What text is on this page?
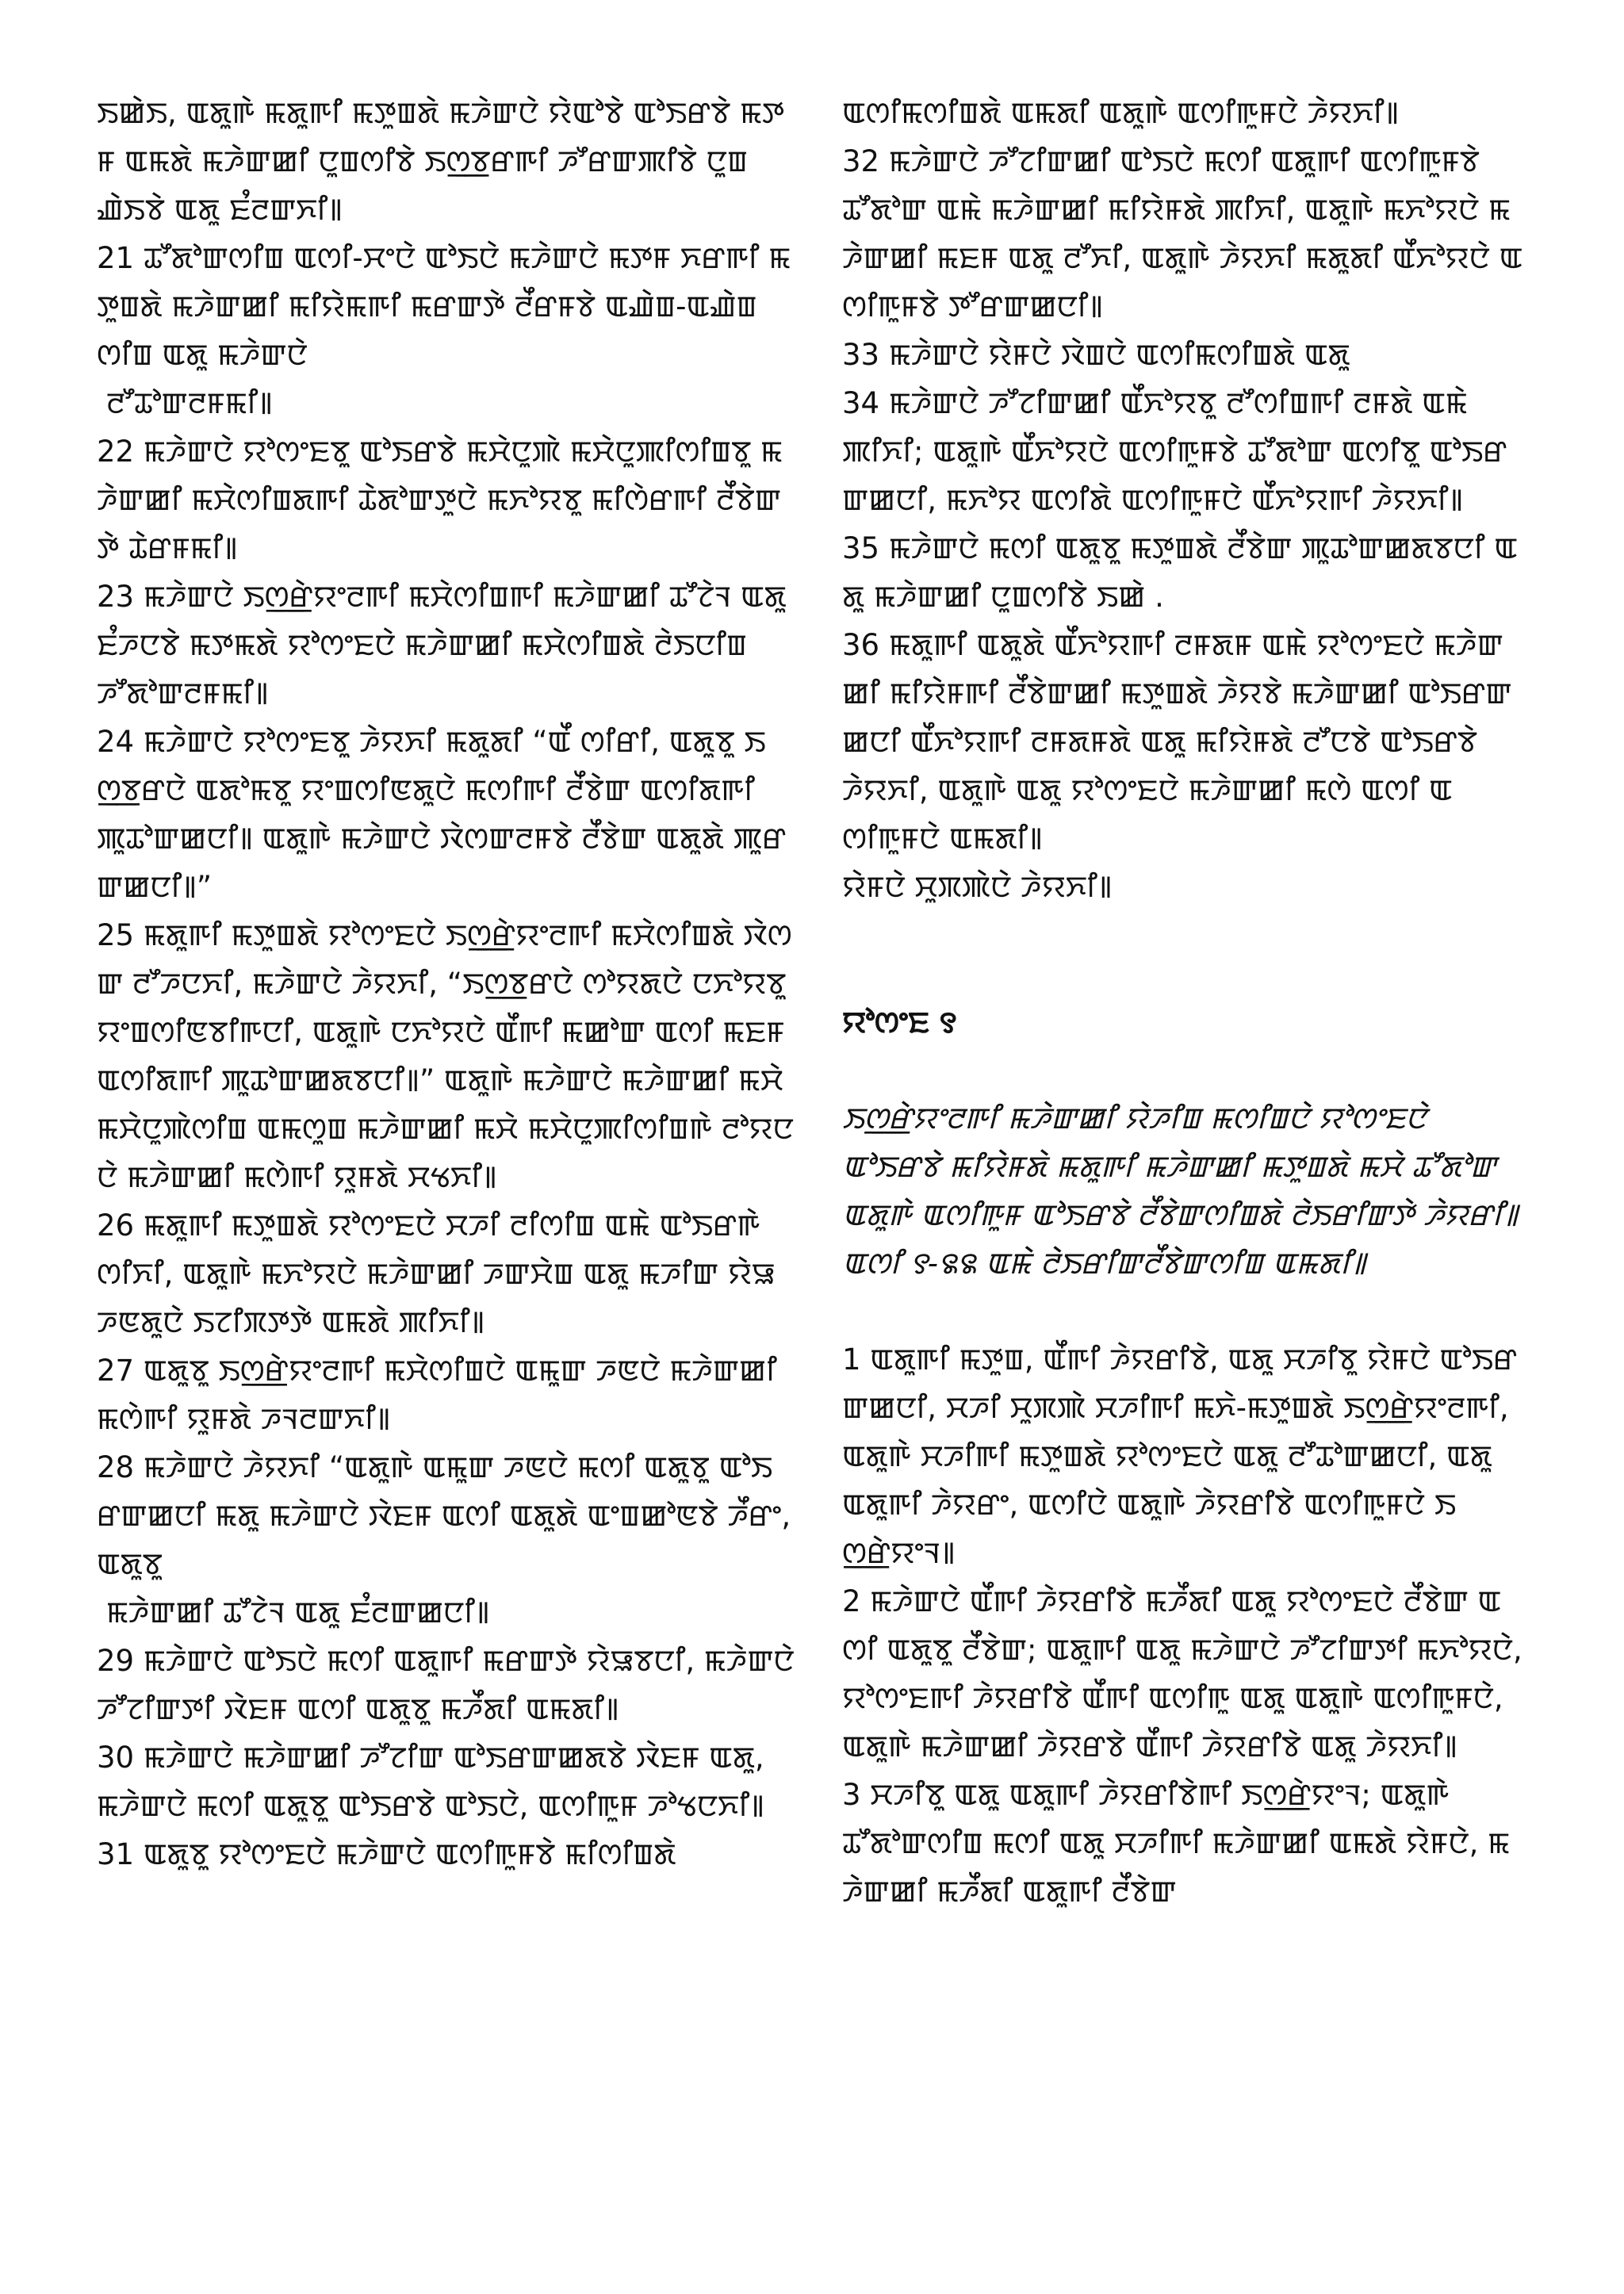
ꯏꯀꯥꯏ, ꯑꯗꯨꯒꯥ ꯃꯗꯨꯒꯤ ꯃꯇꯨꯡꯗꯥ ꯃꯍꯥꯛꯅꯥ ꯌꯥꯑꯣꯕꯥ ꯑꯣꯏꯔꯕꯥ ꯃꯇꯝ ꯑꯃꯗꯥ ꯃꯍꯥꯛꯀꯤ ꯅꯨꯡꯁꯤꯕꯥ ꯏꯁ꯭ꯕꯔꯒꯤ ꯍꯧꯔꯛꯄꯤꯕꯥ ꯅꯨꯡꯉꯥꯏꯕꯥ ꯑꯗꯨ ꯐꯪꯂꯛꯈꯤ꯫

21 ꯊꯧꯗꯣꯛꯁꯤꯡ ꯑꯁꯤ-ꯆꯦꯅꯥ ꯑꯣꯏꯅꯥ ꯃꯍꯥꯛꯅꯥ ꯃꯇꯝ ꯈꯔꯒꯤ ꯃꯇꯨꯡꯗꯥ ꯃꯍꯥꯛꯀꯤ ꯃꯤꯌꯥꯃꯒꯤ ꯃꯔꯛꯇꯥ ꯂꯩꯔꯝꯕꯥ ꯑꯉꯥꯡ-ꯑꯉꯥꯡꯁꯤꯡ ꯑꯗꯨ ꯃꯍꯥꯛꯅꯥ

ꯂꯧꯊꯣꯛꯂꯝꯃꯤ꯫

22 ꯃꯍꯥꯛꯅꯥ ꯌꯣꯁꯦꯐꯕꯨ ꯑꯣꯏꯔꯕꯥ ꯃꯆꯥꯅꯨꯄꯥ ꯃꯆꯥꯅꯨꯄꯤꯁꯤꯡꯕꯨ ꯃꯍꯥꯛꯀꯤ ꯃꯆꯥꯁꯤꯡꯗꯒꯤ ꯊꯥꯗꯣꯛꯇꯨꯅꯥ ꯃꯈꯣꯌꯕꯨ ꯃꯤꯁꯥꯔꯒꯤ ꯂꯩꯕꯥꯛꯇꯥ ꯊꯥꯔꯝꯃꯤ꯫

23 ꯃꯍꯥꯛꯅꯥ ꯏꯁ꯭ꯔꯥꯌꯦꯂꯒꯤ ꯃꯆꯥꯁꯤꯡꯒꯤ ꯃꯍꯥꯛꯀꯤ ꯊꯧꯖꯥꯜ ꯑꯗꯨ ꯐꯪꯍꯅꯕꯥ ꯃꯇꯃꯗꯥ ꯌꯣꯁꯦꯐꯅꯥ ꯃꯍꯥꯛꯀꯤ ꯃꯆꯥꯁꯤꯡꯗꯥ ꯂꯥꯏꯅꯤꯡ ꯍꯧꯗꯣꯛꯂꯝꯃꯤ꯫

24 ꯃꯍꯥꯛꯅꯥ ꯌꯣꯁꯦꯐꯕꯨ ꯍꯥꯌꯈꯤ ꯃꯗꯨꯗꯤ “ꯑꯩ ꯁꯤꯔꯤ, ꯑꯗꯨꯕꯨ ꯏꯁ꯭ꯕꯔꯅꯥ ꯑꯗꯣꯃꯕꯨ ꯌꯦꯡꯁꯤꯟꯗꯨꯅꯥ ꯃꯁꯤꯒꯤ ꯂꯩꯕꯥꯛ ꯑꯁꯤꯗꯒꯤ ꯄꯨꯊꯣꯛꯀꯅꯤ꯫ ꯑꯗꯨꯒꯥ ꯃꯍꯥꯛꯅꯥ ꯋꯥꯁꯛꯂꯝꯕꯥ ꯂꯩꯕꯥꯛ ꯑꯗꯨꯗꯥ ꯄꯨꯔꯛꯀꯅꯤ꯫”

25 ꯃꯗꯨꯒꯤ ꯃꯇꯨꯡꯗꯥ ꯌꯣꯁꯦꯐꯅꯥ ꯏꯁ꯭ꯔꯥꯌꯦꯂꯒꯤ ꯃꯆꯥꯁꯤꯡꯗꯥ ꯋꯥꯁꯛ ꯂꯧꯍꯅꯈꯤ, ꯃꯍꯥꯛꯅꯥ ꯍꯥꯌꯈꯤ, “ꯏꯁ꯭ꯕꯔꯅꯥ ꯁꯣꯌꯗꯅꯥ ꯅꯈꯣꯌꯕꯨ ꯌꯦꯡꯁꯤꯟꯕꯤꯒꯅꯤ, ꯑꯗꯨꯒꯥ ꯅꯈꯣꯌꯅꯥ ꯑꯩꯒꯤ ꯃꯀꯣꯛ ꯑꯁꯤ ꯃꯐꯝ ꯑꯁꯤꯗꯒꯤ ꯄꯨꯊꯣꯛꯀꯗꯕꯅꯤ꯫” ꯑꯗꯨꯒꯥ ꯃꯍꯥꯛꯅꯥ ꯃꯍꯥꯛꯀꯤ ꯃꯆꯥ ꯃꯆꯥꯅꯨꯄꯥꯁꯤꯡ ꯑꯃꯁꯨꯡ ꯃꯍꯥꯛꯀꯤ ꯃꯆꯥ ꯃꯆꯥꯅꯨꯄꯤꯁꯤꯡꯒꯥ ꯂꯣꯌꯅꯅꯥ ꯃꯍꯥꯛꯀꯤ ꯃꯁꯥꯒꯤ ꯌꯨꯝꯗꯥ ꯆꯠꯈꯤ꯫

26 ꯃꯗꯨꯒꯤ ꯃꯇꯨꯡꯗꯥ ꯌꯣꯁꯦꯐꯅꯥ ꯆꯍꯤ ꯂꯤꯁꯤꯡ ꯑꯃꯥ ꯑꯣꯏꯔꯒꯥ ꯁꯤꯈꯤ, ꯑꯗꯨꯒꯥ ꯃꯈꯣꯌꯅꯥ ꯃꯍꯥꯛꯀꯤ ꯍꯛꯆꯥꯡ ꯑꯗꯨ ꯃꯍꯤꯛ ꯌꯥꯎꯍꯟꯗꯨꯅꯥ ꯏꯖꯤꯞꯇꯇꯥ ꯑꯃꯗꯥ ꯄꯤꯈꯤ꯫

27 ꯑꯗꯨꯕꯨ ꯏꯁ꯭ꯔꯥꯌꯦꯂꯒꯤ ꯃꯆꯥꯁꯤꯡꯅꯥ ꯑꯃꯨꯛ ꯍꯟꯅꯥ ꯃꯍꯥꯛꯀꯤ ꯃꯁꯥꯒꯤ ꯌꯨꯝꯗꯥ ꯍꯜꯂꯛꯈꯤ꯫

28 ꯃꯍꯥꯛꯅꯥ ꯍꯥꯌꯈꯤ “ꯑꯗꯨꯒꯥ ꯑꯃꯨꯛ ꯍꯟꯅꯥ ꯃꯁꯤ ꯑꯗꯨꯕꯨ ꯑꯣꯏꯔꯛꯀꯅꯤ ꯃꯗꯨ ꯃꯍꯥꯛꯅꯥ ꯋꯥꯐꯝ ꯑꯁꯤ ꯑꯗꯨꯗꯥ ꯑꯦꯡꯀꯣꯟꯕꯥ ꯍꯩꯔꯦ, ꯑꯗꯨꯕꯨ

ꯃꯍꯥꯛꯀꯤ ꯊꯧꯖꯥꯜ ꯑꯗꯨ ꯐꯪꯂꯛꯀꯅꯤ꯫

29 ꯃꯍꯥꯛꯅꯥ ꯑꯣꯏꯅꯥ ꯃꯁꯤ ꯑꯗꯨꯒꯤ ꯃꯔꯛꯇꯥ ꯌꯥꯎꯕꯅꯤ, ꯃꯍꯥꯛꯅꯥ ꯍꯧꯖꯤꯛꯇꯤ ꯋꯥꯐꯝ ꯑꯁꯤ ꯑꯗꯨꯕꯨ ꯃꯍꯩꯗꯤ ꯑꯃꯗꯤ꯫

30 ꯃꯍꯥꯛꯅꯥ ꯃꯍꯥꯛꯀꯤ ꯍꯧꯖꯤꯛ ꯑꯣꯏꯔꯛꯀꯗꯕꯥ ꯋꯥꯐꯝ ꯑꯗꯨ, ꯃꯍꯥꯛꯅꯥ ꯃꯁꯤ ꯑꯗꯨꯕꯨ ꯑꯣꯏꯔꯕꯥ ꯑꯣꯏꯅꯥ, ꯑꯁꯤꯒꯨꯝ ꯍꯣꯠꯅꯈꯤ꯫

31 ꯑꯗꯨꯕꯨ ꯌꯣꯁꯦꯐꯅꯥ ꯃꯍꯥꯛꯅꯥ ꯑꯁꯤꯒꯨꯝꯕꯥ ꯃꯤꯁꯤꯡꯗꯥ

ꯑꯁꯤꯃꯁꯤꯡꯗꯥ ꯑꯃꯗꯤ ꯑꯗꯨꯒꯥ ꯑꯁꯤꯒꯨꯝꯅꯥ ꯍꯥꯌꯈꯤ꯫

32 ꯃꯍꯥꯛꯅꯥ ꯍꯧꯖꯤꯛꯀꯤ ꯑꯣꯏꯅꯥ ꯃꯁꯤ ꯑꯗꯨꯒꯤ ꯑꯁꯤꯒꯨꯝꯕꯥ ꯊꯧꯗꯣꯛ ꯑꯃꯥ ꯃꯍꯥꯛꯀꯤ ꯃꯤꯌꯥꯝꯗꯥ ꯄꯤꯈꯤ, ꯑꯗꯨꯒꯥ ꯃꯈꯣꯌꯅꯥ ꯃꯍꯥꯛꯀꯤ ꯃꯐꯝ ꯑꯗꯨ ꯂꯧꯈꯤ, ꯑꯗꯨꯒꯥ ꯍꯥꯌꯈꯤ ꯃꯗꯨꯗꯤ ꯑꯩꯈꯣꯌꯅꯥ ꯑꯁꯤꯒꯨꯝꯕꯥ ꯇꯧꯔꯛꯀꯅꯤ꯫

33 ꯃꯍꯥꯛꯅꯥ ꯌꯥꯝꯅꯥ ꯋꯥꯡꯅꯥ ꯑꯁꯤꯃꯁꯤꯡꯗꯥ ꯑꯗꯨ

34 ꯃꯍꯥꯛꯅꯥ ꯍꯧꯖꯤꯛꯀꯤ ꯑꯩꯈꯣꯌꯕꯨ ꯂꯧꯁꯤꯡꯒꯤ ꯂꯝꯗꯥ ꯑꯃꯥ ꯄꯤꯈꯤ; ꯑꯗꯨꯒꯥ ꯑꯩꯈꯣꯌꯅꯥ ꯑꯁꯤꯒꯨꯝꯕꯥ ꯊꯧꯗꯣꯛ ꯑꯁꯤꯕꯨ ꯑꯣꯏꯔꯛꯀꯅꯤ, ꯃꯈꯣꯌ ꯑꯁꯤꯗꯥ ꯑꯁꯤꯒꯨꯝꯅꯥ ꯑꯩꯈꯣꯌꯒꯤ ꯍꯥꯌꯈꯤ꯫

35 ꯃꯍꯥꯛꯅꯥ ꯃꯁꯤ ꯑꯗꯨꯕꯨ ꯃꯇꯨꯡꯗꯥ ꯂꯩꯕꯥꯛ ꯄꯨꯊꯣꯛꯀꯗꯕꯅꯤ ꯑꯗꯨ ꯃꯍꯥꯛꯀꯤ ꯅꯨꯡꯁꯤꯕꯥ ꯏꯀꯥ .

36 ꯃꯗꯨꯒꯤ ꯑꯗꯨꯗꯥ ꯑꯩꯈꯣꯌꯒꯤ ꯂꯝꯗꯝ ꯑꯃꯥ ꯌꯣꯁꯦꯐꯅꯥ ꯃꯍꯥꯛꯀꯤ ꯃꯤꯌꯥꯝꯒꯤ ꯂꯩꯕꯥꯛꯀꯤ ꯃꯇꯨꯡꯗꯥ ꯍꯥꯌꯕꯥ ꯃꯍꯥꯛꯀꯤ ꯑꯣꯏꯔꯛꯀꯅꯤ ꯑꯩꯈꯣꯌꯒꯤ ꯂꯝꯗꯝꯗꯥ ꯑꯗꯨ ꯃꯤꯌꯥꯝꯗꯥ ꯂꯧꯅꯕꯥ ꯑꯣꯏꯔꯕꯥ ꯍꯥꯌꯈꯤ, ꯑꯗꯨꯒꯥ ꯑꯗꯨ ꯌꯣꯁꯦꯐꯅꯥ ꯃꯍꯥꯛꯀꯤ ꯃꯁꯥ ꯑꯁꯤ ꯑꯁꯤꯒꯨꯝꯅꯥ ꯑꯃꯗꯤ꯫

ꯌꯥꯝꯅꯥ ꯆꯨꯞꯄꯥꯅꯥ ꯍꯥꯌꯈꯤ꯫

ꯌꯣꯁꯦꯐ ꯱

ꯏꯁ꯭ꯔꯥꯌꯦꯂꯒꯤ ꯃꯍꯥꯛꯀꯤ ꯌꯥꯍꯤꯡ ꯃꯁꯤꯡꯅꯥ ꯌꯣꯁꯦꯐꯅꯥ ꯑꯣꯏꯔꯕꯥ ꯃꯤꯌꯥꯝꯗꯥ ꯃꯗꯨꯒꯤ ꯃꯍꯥꯛꯀꯤ ꯃꯇꯨꯡꯗꯥ ꯃꯆꯥ ꯊꯧꯗꯣꯛ ꯑꯗꯨꯒꯥ ꯑꯁꯤꯒꯨꯝ ꯑꯣꯏꯔꯕꯥ ꯂꯩꯕꯥꯛꯁꯤꯡꯗꯥ ꯂꯥꯏꯔꯤꯛꯇꯥ ꯍꯥꯌꯔꯤ꯫ ꯑꯁꯤ ꯱-꯲꯲ ꯑꯃꯥ ꯂꯥꯏꯔꯤꯛꯂꯩꯕꯥꯛꯁꯤꯡ ꯑꯃꯗꯤ꯫

1 ꯑꯗꯨꯒꯤ ꯃꯇꯨꯡ, ꯑꯩꯒꯤ ꯍꯥꯌꯔꯤꯕꯥ, ꯑꯗꯨ ꯆꯍꯤꯕꯨ ꯌꯥꯝꯅꯥ ꯑꯣꯏꯔꯛꯀꯅꯤ, ꯆꯍꯤ ꯆꯨꯞꯄꯥ ꯆꯍꯤꯒꯤ ꯃꯈꯥ-ꯃꯇꯨꯡꯗꯥ ꯏꯁ꯭ꯔꯥꯌꯦꯂꯒꯤ, ꯑꯗꯨꯒꯥ ꯆꯍꯤꯒꯤ ꯃꯇꯨꯡꯗꯥ ꯌꯣꯁꯦꯐꯅꯥ ꯑꯗꯨ ꯂꯧꯊꯣꯛꯀꯅꯤ, ꯑꯗꯨ ꯑꯗꯨꯒꯤ ꯍꯥꯌꯔꯦ, ꯑꯁꯤꯅꯥ ꯑꯗꯨꯒꯥ ꯍꯥꯌꯔꯤꯕꯥ ꯑꯁꯤꯒꯨꯝꯅꯥ ꯏꯁ꯭ꯔꯥꯌꯦꯜ꯫

2 ꯃꯍꯥꯛꯅꯥ ꯑꯩꯒꯤ ꯍꯥꯌꯔꯤꯕꯥ ꯃꯍꯩꯗꯤ ꯑꯗꯨ ꯌꯣꯁꯦꯐꯅꯥ ꯂꯩꯕꯥꯛ ꯑꯁꯤ ꯑꯗꯨꯕꯨ ꯂꯩꯕꯥꯛ; ꯑꯗꯨꯒꯤ ꯑꯗꯨ ꯃꯍꯥꯛꯅꯥ ꯍꯧꯖꯤꯛꯇꯤ ꯃꯈꯣꯌꯅꯥ, ꯌꯣꯁꯦꯐꯒꯤ ꯍꯥꯌꯔꯤꯕꯥ ꯑꯩꯒꯤ ꯑꯁꯤꯒꯨ ꯑꯗꯨ ꯑꯗꯨꯒꯥ ꯑꯁꯤꯒꯨꯝꯅꯥ, ꯑꯗꯨꯒꯥ ꯃꯍꯥꯛꯀꯤ ꯍꯥꯌꯔꯕꯥ ꯑꯩꯒꯤ ꯍꯥꯌꯔꯤꯕꯥ ꯑꯗꯨ ꯍꯥꯌꯈꯤ꯫

3 ꯆꯍꯤꯕꯨ ꯑꯗꯨ ꯑꯗꯨꯒꯤ ꯍꯥꯌꯔꯤꯕꯥꯒꯤ ꯏꯁ꯭ꯔꯥꯌꯦꯜ; ꯑꯗꯨꯒꯥ ꯊꯧꯗꯣꯛꯁꯤꯡ ꯃꯁꯤ ꯑꯗꯨ ꯆꯍꯤꯒꯤ ꯃꯍꯥꯛꯀꯤ ꯑꯃꯗꯥ ꯌꯥꯝꯅꯥ, ꯃꯍꯥꯛꯀꯤ ꯃꯍꯩꯗꯤ ꯑꯗꯨꯒꯤ ꯂꯩꯕꯥꯛ
